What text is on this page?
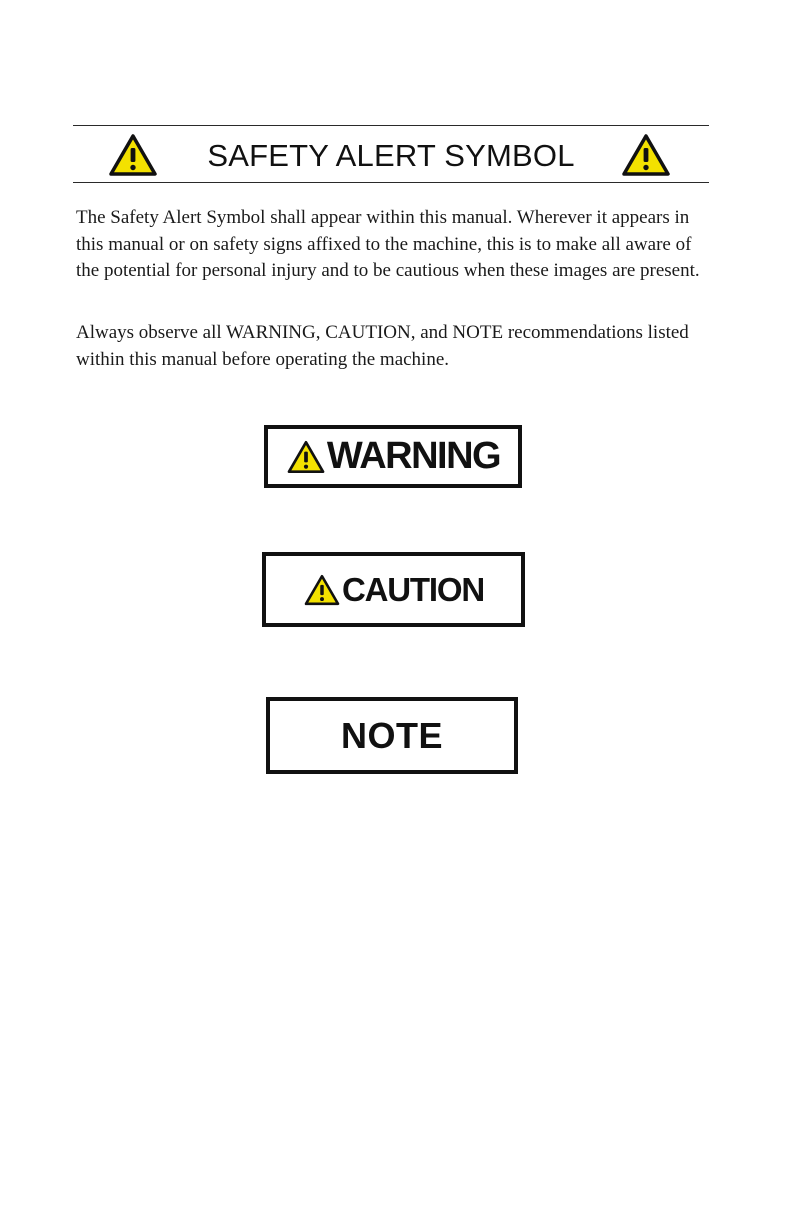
SAFETY ALERT SYMBOL

The Safety Alert Symbol shall appear within this manual. Wherever it appears in this manual or on safety signs affixed to the machine, this is to make all aware of the potential for personal injury and to be cautious when these images are present.

Always observe all WARNING, CAUTION, and NOTE recommendations listed within this manual before operating the machine.

WARNING
CAUTION
NOTE
